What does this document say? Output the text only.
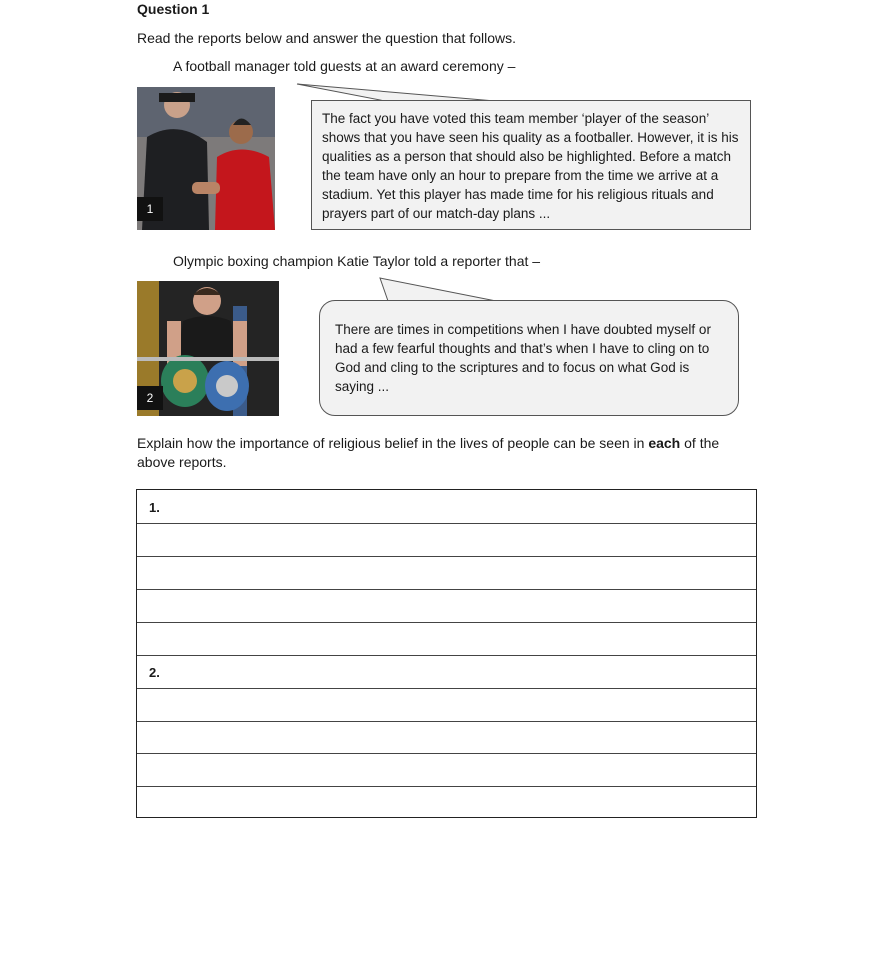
Question 1
Read the reports below and answer the question that follows.
A football manager told guests at an award ceremony –
1
The fact you have voted this team member ‘player of the season’ shows that you have seen his quality as a footballer. However, it is his qualities as a person that should also be highlighted. Before a match the team have only an hour to prepare from the time we arrive at a stadium. Yet this player has made time for his religious rituals and prayers part of our match-day plans ...
Olympic boxing champion Katie Taylor told a reporter that –
2
There are times in competitions when I have doubted myself or had a few fearful thoughts and that’s when I have to cling on to God and cling to the scriptures and to focus on what God is saying ...
Explain how the importance of religious belief in the lives of people can be seen in each of the above reports.
1.
2.
